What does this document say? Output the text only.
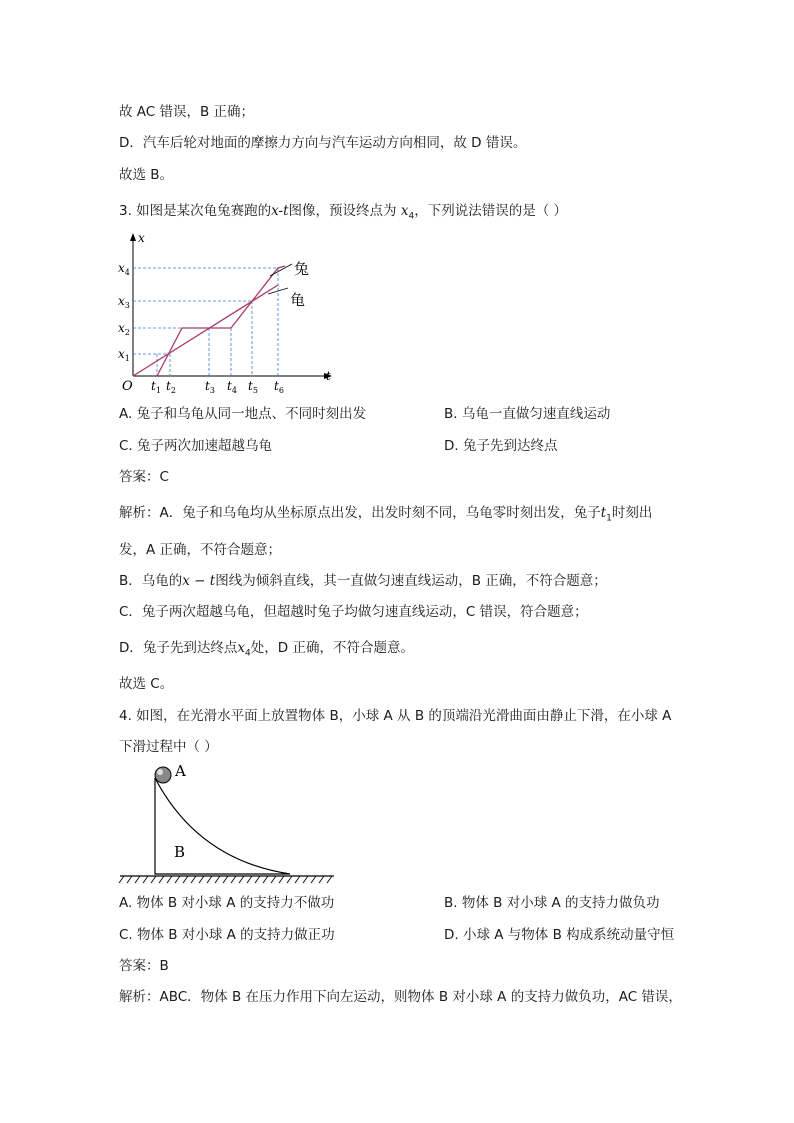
故 AC 错误，B 正确；
D．汽车后轮对地面的摩擦力方向与汽车运动方向相同，故 D 错误。
故选 B。
3. 如图是某次龟兔赛跑的x-t图像，预设终点为 $x_4$，下列说法错误的是（ ）
x
t
O
兔
龟
$x_4$
$x_3$
$x_2$
$x_1$
$t_1$ $t_2$ $t_3$ $t_4$ $t_5$ $t_6$
A. 兔子和乌龟从同一地点、不同时刻出发	B. 乌龟一直做匀速直线运动
C. 兔子两次加速超越乌龟	D. 兔子先到达终点
答案：C
解析：A．兔子和乌龟均从坐标原点出发，出发时刻不同，乌龟零时刻出发，兔子$t_1$时刻出
发，A 正确，不符合题意；
B．乌龟的x − t图线为倾斜直线，其一直做匀速直线运动，B 正确，不符合题意；
C．兔子两次超越乌龟，但超越时兔子均做匀速直线运动，C 错误，符合题意；
D．兔子先到达终点$x_4$处，D 正确，不符合题意。
故选 C。
4. 如图，在光滑水平面上放置物体 B，小球 A 从 B 的顶端沿光滑曲面由静止下滑，在小球 A
下滑过程中（ ）
A
B
A. 物体 B 对小球 A 的支持力不做功	B. 物体 B 对小球 A 的支持力做负功
C. 物体 B 对小球 A 的支持力做正功	D. 小球 A 与物体 B 构成系统动量守恒
答案：B
解析：ABC．物体 B 在压力作用下向左运动，则物体 B 对小球 A 的支持力做负功，AC 错误，
